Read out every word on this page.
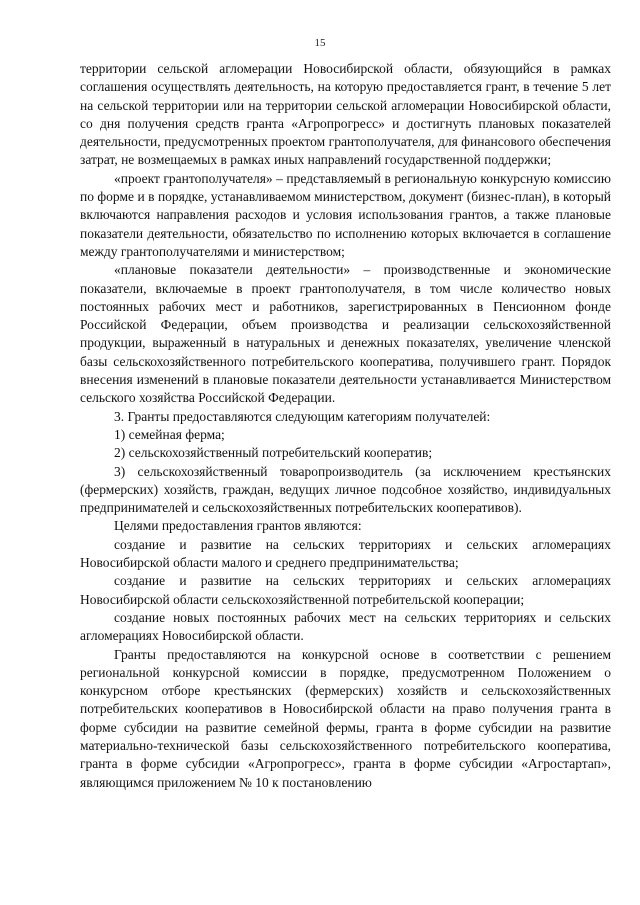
15

территории сельской агломерации Новосибирской области, обязующийся в рамках соглашения осуществлять деятельность, на которую предоставляется грант, в течение 5 лет на сельской территории или на территории сельской агломерации Новосибирской области, со дня получения средств гранта «Агропрогресс» и достигнуть плановых показателей деятельности, предусмотренных проектом грантополучателя, для финансового обеспечения затрат, не возмещаемых в рамках иных направлений государственной поддержки;

«проект грантополучателя» – представляемый в региональную конкурсную комиссию по форме и в порядке, устанавливаемом министерством, документ (бизнес-план), в который включаются направления расходов и условия использования грантов, а также плановые показатели деятельности, обязательство по исполнению которых включается в соглашение между грантополучателями и министерством;

«плановые показатели деятельности» – производственные и экономические показатели, включаемые в проект грантополучателя, в том числе количество новых постоянных рабочих мест и работников, зарегистрированных в Пенсионном фонде Российской Федерации, объем производства и реализации сельскохозяйственной продукции, выраженный в натуральных и денежных показателях, увеличение членской базы сельскохозяйственного потребительского кооператива, получившего грант. Порядок внесения изменений в плановые показатели деятельности устанавливается Министерством сельского хозяйства Российской Федерации.

3. Гранты предоставляются следующим категориям получателей:

1) семейная ферма;

2) сельскохозяйственный потребительский кооператив;

3) сельскохозяйственный товаропроизводитель (за исключением крестьянских (фермерских) хозяйств, граждан, ведущих личное подсобное хозяйство, индивидуальных предпринимателей и сельскохозяйственных потребительских кооперативов).

Целями предоставления грантов являются:

создание и развитие на сельских территориях и сельских агломерациях Новосибирской области малого и среднего предпринимательства;

создание и развитие на сельских территориях и сельских агломерациях Новосибирской области сельскохозяйственной потребительской кооперации;

создание новых постоянных рабочих мест на сельских территориях и сельских агломерациях Новосибирской области.

Гранты предоставляются на конкурсной основе в соответствии с решением региональной конкурсной комиссии в порядке, предусмотренном Положением о конкурсном отборе крестьянских (фермерских) хозяйств и сельскохозяйственных потребительских кооперативов в Новосибирской области на право получения гранта в форме субсидии на развитие семейной фермы, гранта в форме субсидии на развитие материально-технической базы сельскохозяйственного потребительского кооператива, гранта в форме субсидии «Агропрогресс», гранта в форме субсидии «Агростартап», являющимся приложением № 10 к постановлению
